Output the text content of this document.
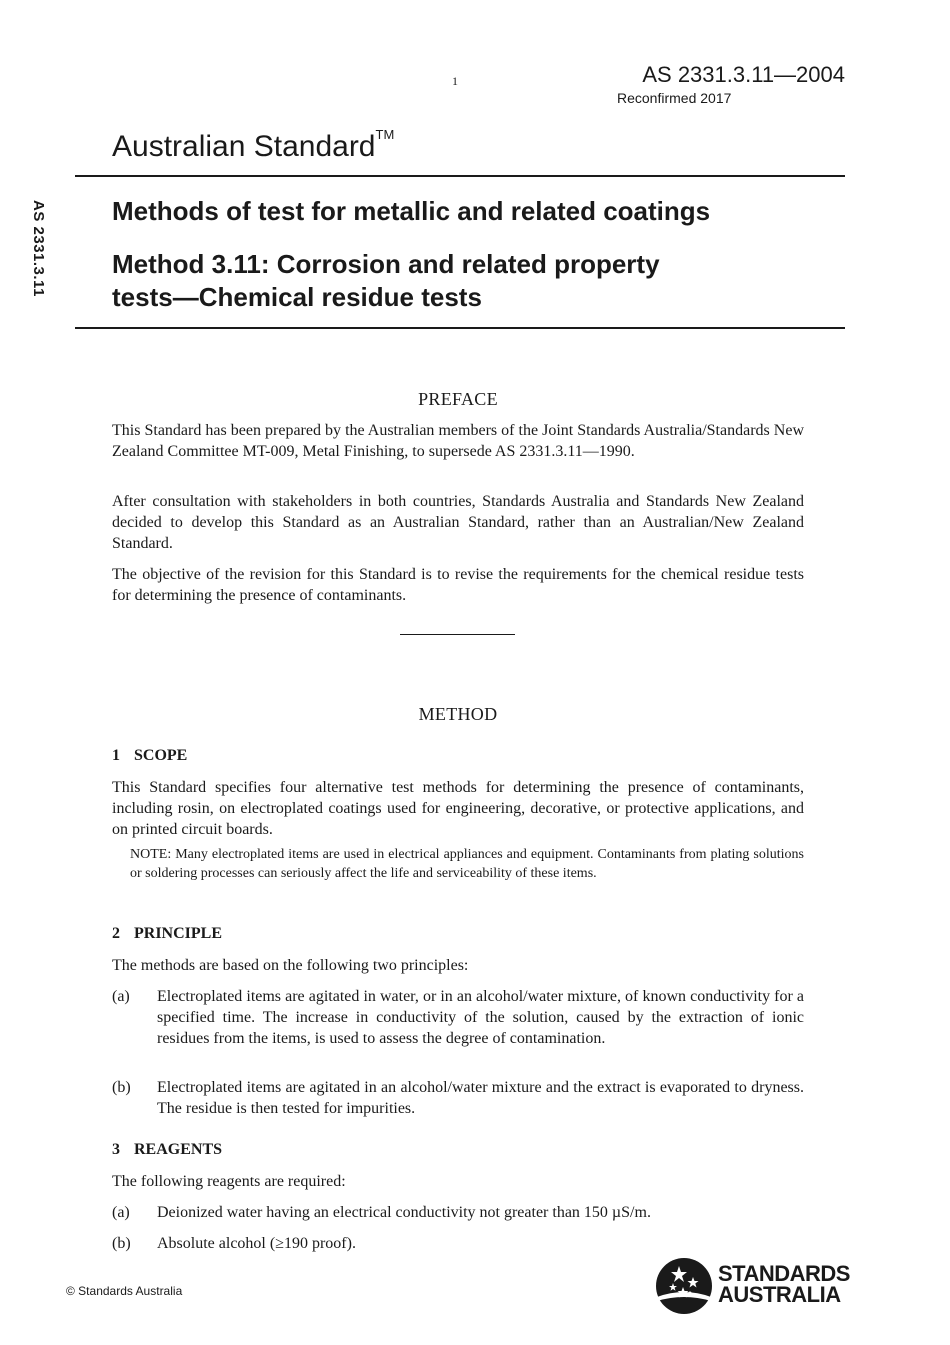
1	AS 2331.3.11—2004
Reconfirmed 2017
Australian Standard™
AS 2331.3.11	Methods of test for metallic and related coatings
Method 3.11: Corrosion and related property
tests—Chemical residue tests
PREFACE
This Standard has been prepared by the Australian members of the Joint Standards Australia/Standards New Zealand Committee MT-009, Metal Finishing, to supersede AS 2331.3.11—1990.
After consultation with stakeholders in both countries, Standards Australia and Standards New Zealand decided to develop this Standard as an Australian Standard, rather than an Australian/New Zealand Standard.
The objective of the revision for this Standard is to revise the requirements for the chemical residue tests for determining the presence of contaminants.
METHOD
1 SCOPE
This Standard specifies four alternative test methods for determining the presence of contaminants, including rosin, on electroplated coatings used for engineering, decorative, or protective applications, and on printed circuit boards.
NOTE: Many electroplated items are used in electrical appliances and equipment. Contaminants from plating solutions or soldering processes can seriously affect the life and serviceability of these items.
2 PRINCIPLE
The methods are based on the following two principles:
(a) Electroplated items are agitated in water, or in an alcohol/water mixture, of known conductivity for a specified time. The increase in conductivity of the solution, caused by the extraction of ionic residues from the items, is used to assess the degree of contamination.
(b) Electroplated items are agitated in an alcohol/water mixture and the extract is evaporated to dryness. The residue is then tested for impurities.
3 REAGENTS
The following reagents are required:
(a) Deionized water having an electrical conductivity not greater than 150 µS/m.
(b) Absolute alcohol (≥190 proof).
© Standards Australia
STANDARDS
AUSTRALIA
